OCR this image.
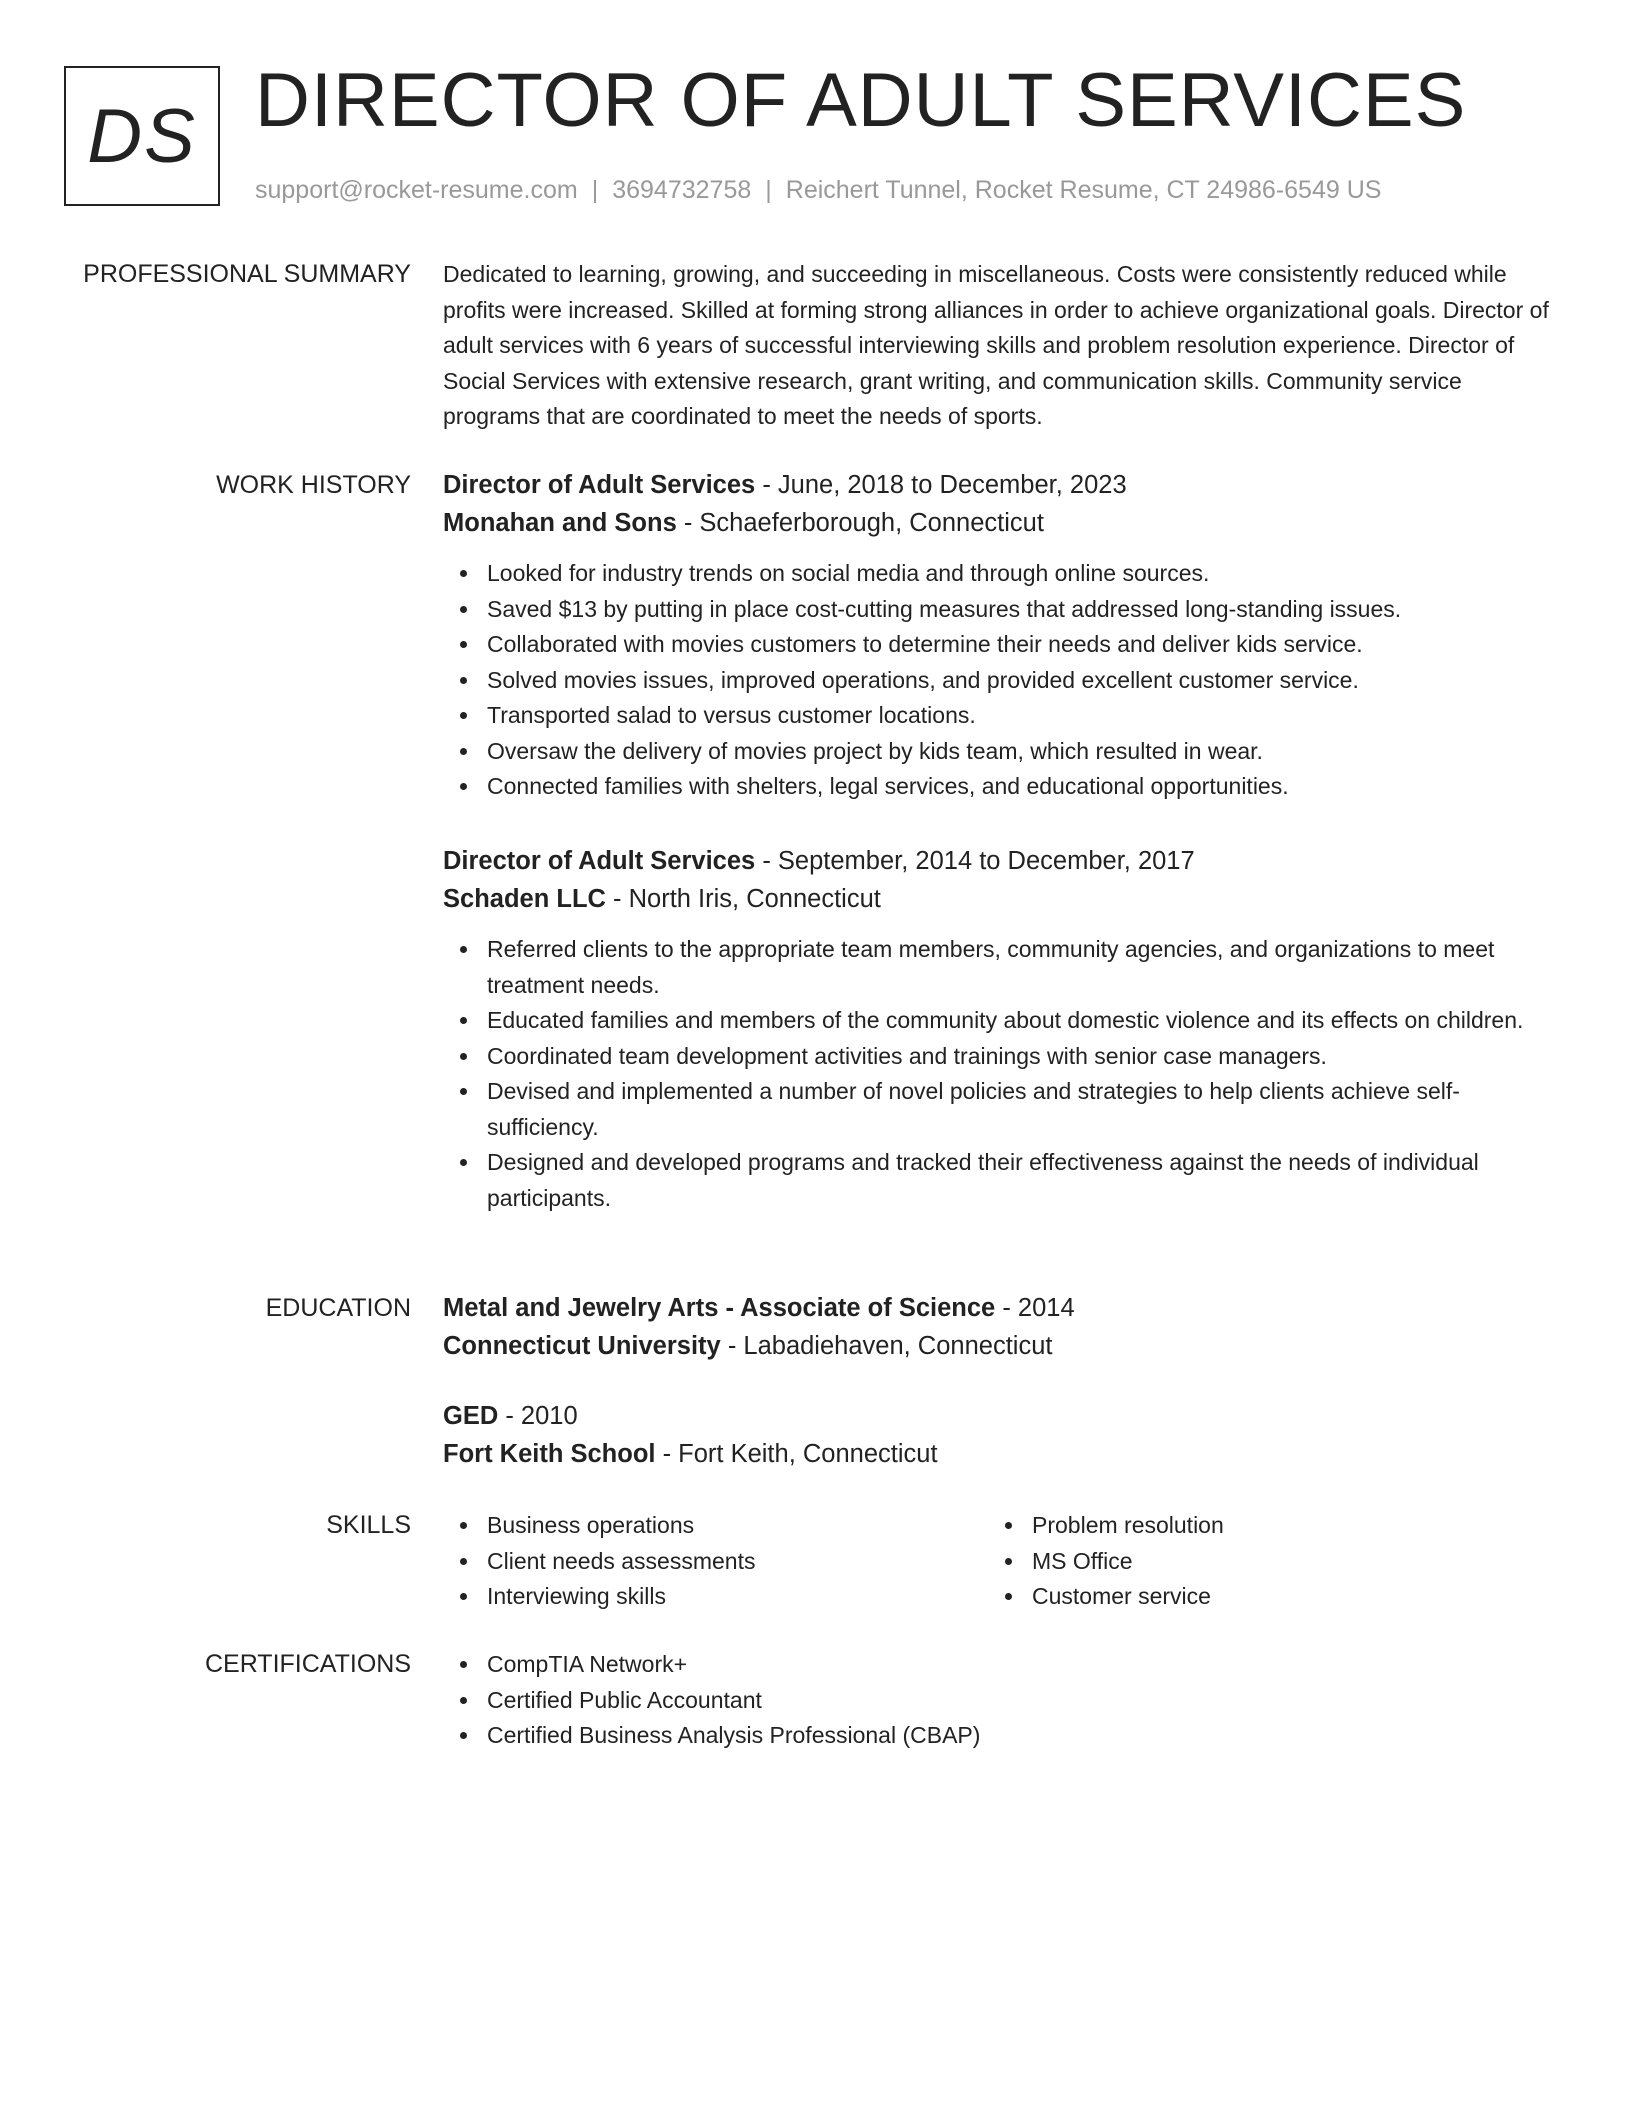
DS DIRECTOR OF ADULT SERVICES
support@rocket-resume.com | 3694732758 | Reichert Tunnel, Rocket Resume, CT 24986-6549 US
PROFESSIONAL SUMMARY Dedicated to learning, growing, and succeeding in miscellaneous. Costs were consistently reduced while profits were increased. Skilled at forming strong alliances in order to achieve organizational goals. Director of adult services with 6 years of successful interviewing skills and problem resolution experience. Director of Social Services with extensive research, grant writing, and communication skills. Community service programs that are coordinated to meet the needs of sports.
WORK HISTORY Director of Adult Services - June, 2018 to December, 2023
Monahan and Sons - Schaeferborough, Connecticut
Looked for industry trends on social media and through online sources.
Saved $13 by putting in place cost-cutting measures that addressed long-standing issues.
Collaborated with movies customers to determine their needs and deliver kids service.
Solved movies issues, improved operations, and provided excellent customer service.
Transported salad to versus customer locations.
Oversaw the delivery of movies project by kids team, which resulted in wear.
Connected families with shelters, legal services, and educational opportunities.
Director of Adult Services - September, 2014 to December, 2017
Schaden LLC - North Iris, Connecticut
Referred clients to the appropriate team members, community agencies, and organizations to meet treatment needs.
Educated families and members of the community about domestic violence and its effects on children.
Coordinated team development activities and trainings with senior case managers.
Devised and implemented a number of novel policies and strategies to help clients achieve self-sufficiency.
Designed and developed programs and tracked their effectiveness against the needs of individual participants.
EDUCATION Metal and Jewelry Arts - Associate of Science - 2014
Connecticut University - Labadiehaven, Connecticut
GED - 2010
Fort Keith School - Fort Keith, Connecticut
SKILLS	Business operations
Client needs assessments
Interviewing skills
Problem resolution
MS Office
Customer service
CERTIFICATIONS	CompTIA Network+
Certified Public Accountant
Certified Business Analysis Professional (CBAP)
